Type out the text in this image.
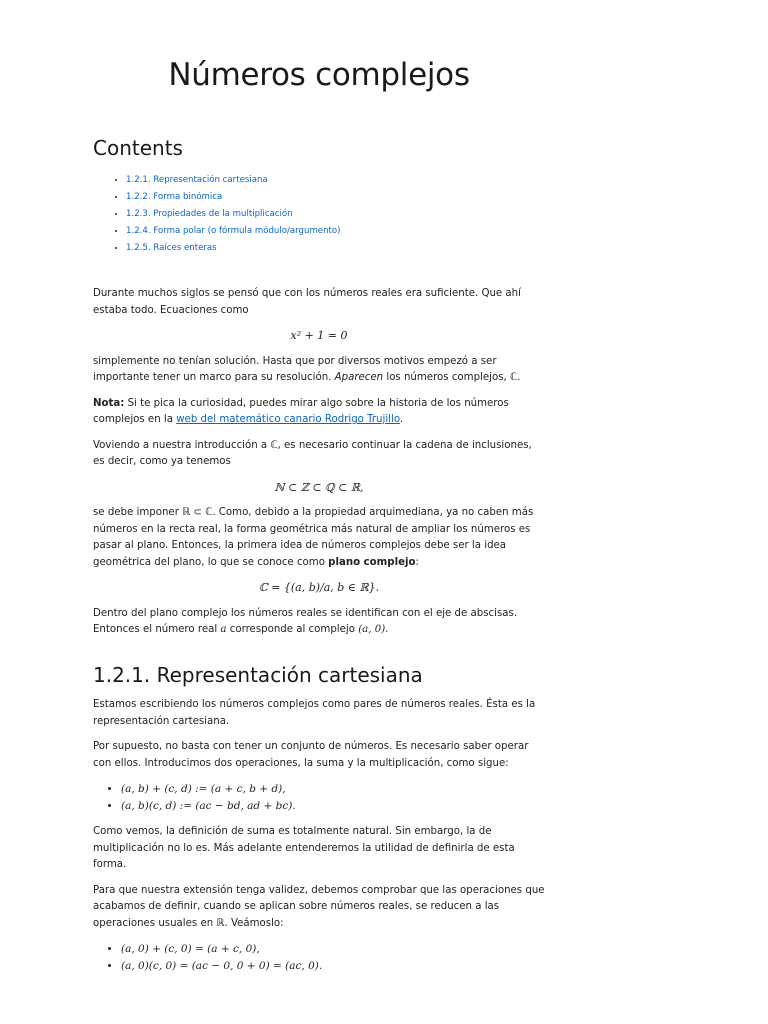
Números complejos
Contents
• 1.2.1. Representación cartesiana
• 1.2.2. Forma binómica
• 1.2.3. Propiedades de la multiplicación
• 1.2.4. Forma polar (o fórmula módulo/argumento)
• 1.2.5. Raíces enteras

Durante muchos siglos se pensó que con los números reales era suficiente. Que ahí estaba todo. Ecuaciones como

x² + 1 = 0

simplemente no tenían solución. Hasta que por diversos motivos empezó a ser importante tener un marco para su resolución. Aparecen los números complejos, ℂ.

Nota: Si te pica la curiosidad, puedes mirar algo sobre la historia de los números complejos en la web del matemático canario Rodrigo Trujillo.

Voviendo a nuestra introducción a ℂ, es necesario continuar la cadena de inclusiones, es decir, como ya tenemos

ℕ ⊂ ℤ ⊂ ℚ ⊂ ℝ,

se debe imponer ℝ ⊂ ℂ. Como, debido a la propiedad arquimediana, ya no caben más números en la recta real, la forma geométrica más natural de ampliar los números es pasar al plano. Entonces, la primera idea de números complejos debe ser la idea geométrica del plano, lo que se conoce como plano complejo:

ℂ = {(a, b)/a, b ∈ ℝ}.

Dentro del plano complejo los números reales se identifican con el eje de abscisas. Entonces el número real a corresponde al complejo (a, 0).

1.2.1. Representación cartesiana

Estamos escribiendo los números complejos como pares de números reales. Ésta es la representación cartesiana.

Por supuesto, no basta con tener un conjunto de números. Es necesario saber operar con ellos. Introducimos dos operaciones, la suma y la multiplicación, como sigue:

• (a, b) + (c, d) := (a + c, b + d),
• (a, b)(c, d) := (ac − bd, ad + bc).

Como vemos, la definición de suma es totalmente natural. Sin embargo, la de multiplicación no lo es. Más adelante entenderemos la utilidad de definirla de esta forma.

Para que nuestra extensión tenga validez, debemos comprobar que las operaciones que acabamos de definir, cuando se aplican sobre números reales, se reducen a las operaciones usuales en ℝ. Veámoslo:

• (a, 0) + (c, 0) = (a + c, 0),
• (a, 0)(c, 0) = (ac − 0, 0 + 0) = (ac, 0).
